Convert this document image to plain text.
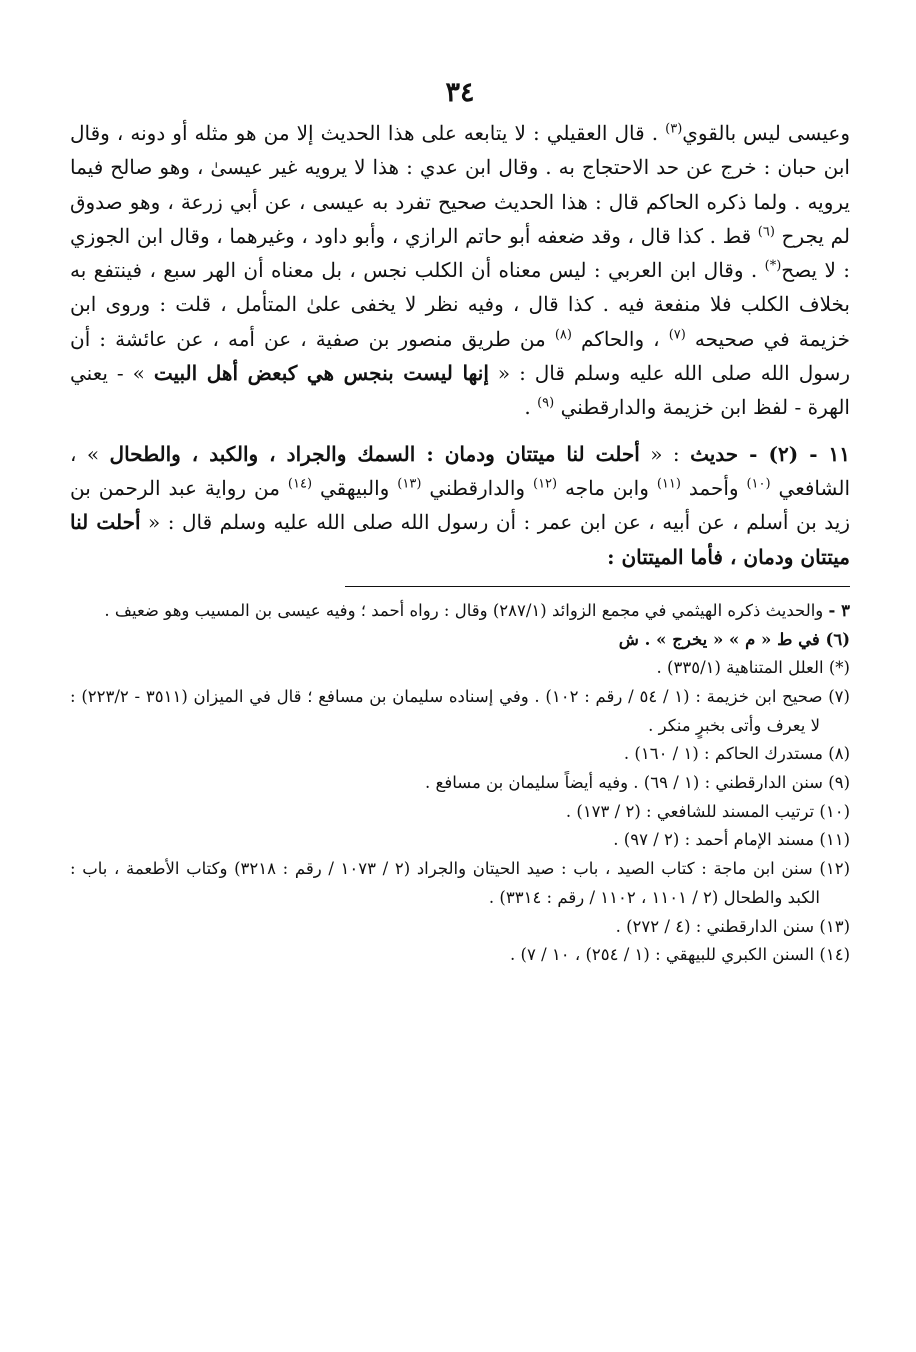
٣٤

وعيسى ليس بالقوي$^{(٣)}$ . قال العقيلي : لا يتابعه على هذا الحديث إلا من هو مثله أو دونه ، وقال ابن حبان : خرج عن حد الاحتجاج به . وقال ابن عدي : هذا لا يرويه غير عيسىٰ ، وهو صالح فيما يرويه . ولما ذكره الحاكم قال : هذا الحديث صحيح تفرد به عيسى ، عن أبي زرعة ، وهو صدوق لم يجرح $^{(٦)}$ قط . كذا قال ، وقد ضعفه أبو حاتم الرازي ، وأبو داود ، وغيرهما ، وقال ابن الجوزي : لا يصح(*) . وقال ابن العربي : ليس معناه أن الكلب نجس ، بل معناه أن الهر سبع ، فينتفع به بخلاف الكلب فلا منفعة فيه . كذا قال ، وفيه نظر لا يخفى علىٰ المتأمل ، قلت : وروى ابن خزيمة في صحيحه $^{(٧)}$ ، والحاكم $^{(٨)}$ من طريق منصور بن صفية ، عن أمه ، عن عائشة : أن رسول الله صلى الله عليه وسلم قال : « إنها ليست بنجس هي كبعض أهل البيت » - يعني الهرة - لفظ ابن خزيمة والدارقطني $^{(٩)}$ .

١١ - (٢) - حديث : « أحلت لنا ميتتان ودمان : السمك والجراد ، والكبد ، والطحال » ، الشافعي $^{(١٠)}$ وأحمد $^{(١١)}$ وابن ماجه $^{(١٢)}$ والدارقطني $^{(١٣)}$ والبيهقي $^{(١٤)}$ من رواية عبد الرحمن بن زيد بن أسلم ، عن أبيه ، عن ابن عمر : أن رسول الله صلى الله عليه وسلم قال : « أحلت لنا ميتتان ودمان ، فأما الميتتان :

٣ - والحديث ذكره الهيثمي في مجمع الزوائد (٢٨٧/١) وقال : رواه أحمد ؛ وفيه عيسى بن المسيب وهو ضعيف .

(٦) في ط « م » « يخرج » . ش

(*) العلل المتناهية (٣٣٥/١) .

(٧) صحيح ابن خزيمة : (١ / ٥٤ / رقم : ١٠٢) . وفي إسناده سليمان بن مسافع ؛ قال في الميزان (٣٥١١ - ٢٢٣/٢) : لا يعرف وأتى بخبرٍ منكر .

(٨) مستدرك الحاكم : (١ / ١٦٠) .

(٩) سنن الدارقطني : (١ / ٦٩) . وفيه أيضاً سليمان بن مسافع .

(١٠) ترتيب المسند للشافعي : (٢ / ١٧٣) .

(١١) مسند الإمام أحمد : (٢ / ٩٧) .

(١٢) سنن ابن ماجة : كتاب الصيد ، باب : صيد الحيتان والجراد (٢ / ١٠٧٣ / رقم : ٣٢١٨) وكتاب الأطعمة ، باب : الكبد والطحال (٢ / ١١٠١ ، ١١٠٢ / رقم : ٣٣١٤) .

(١٣) سنن الدارقطني : (٤ / ٢٧٢) .

(١٤) السنن الكبري للبيهقي : (١ / ٢٥٤) ، ١٠ / ٧) .
